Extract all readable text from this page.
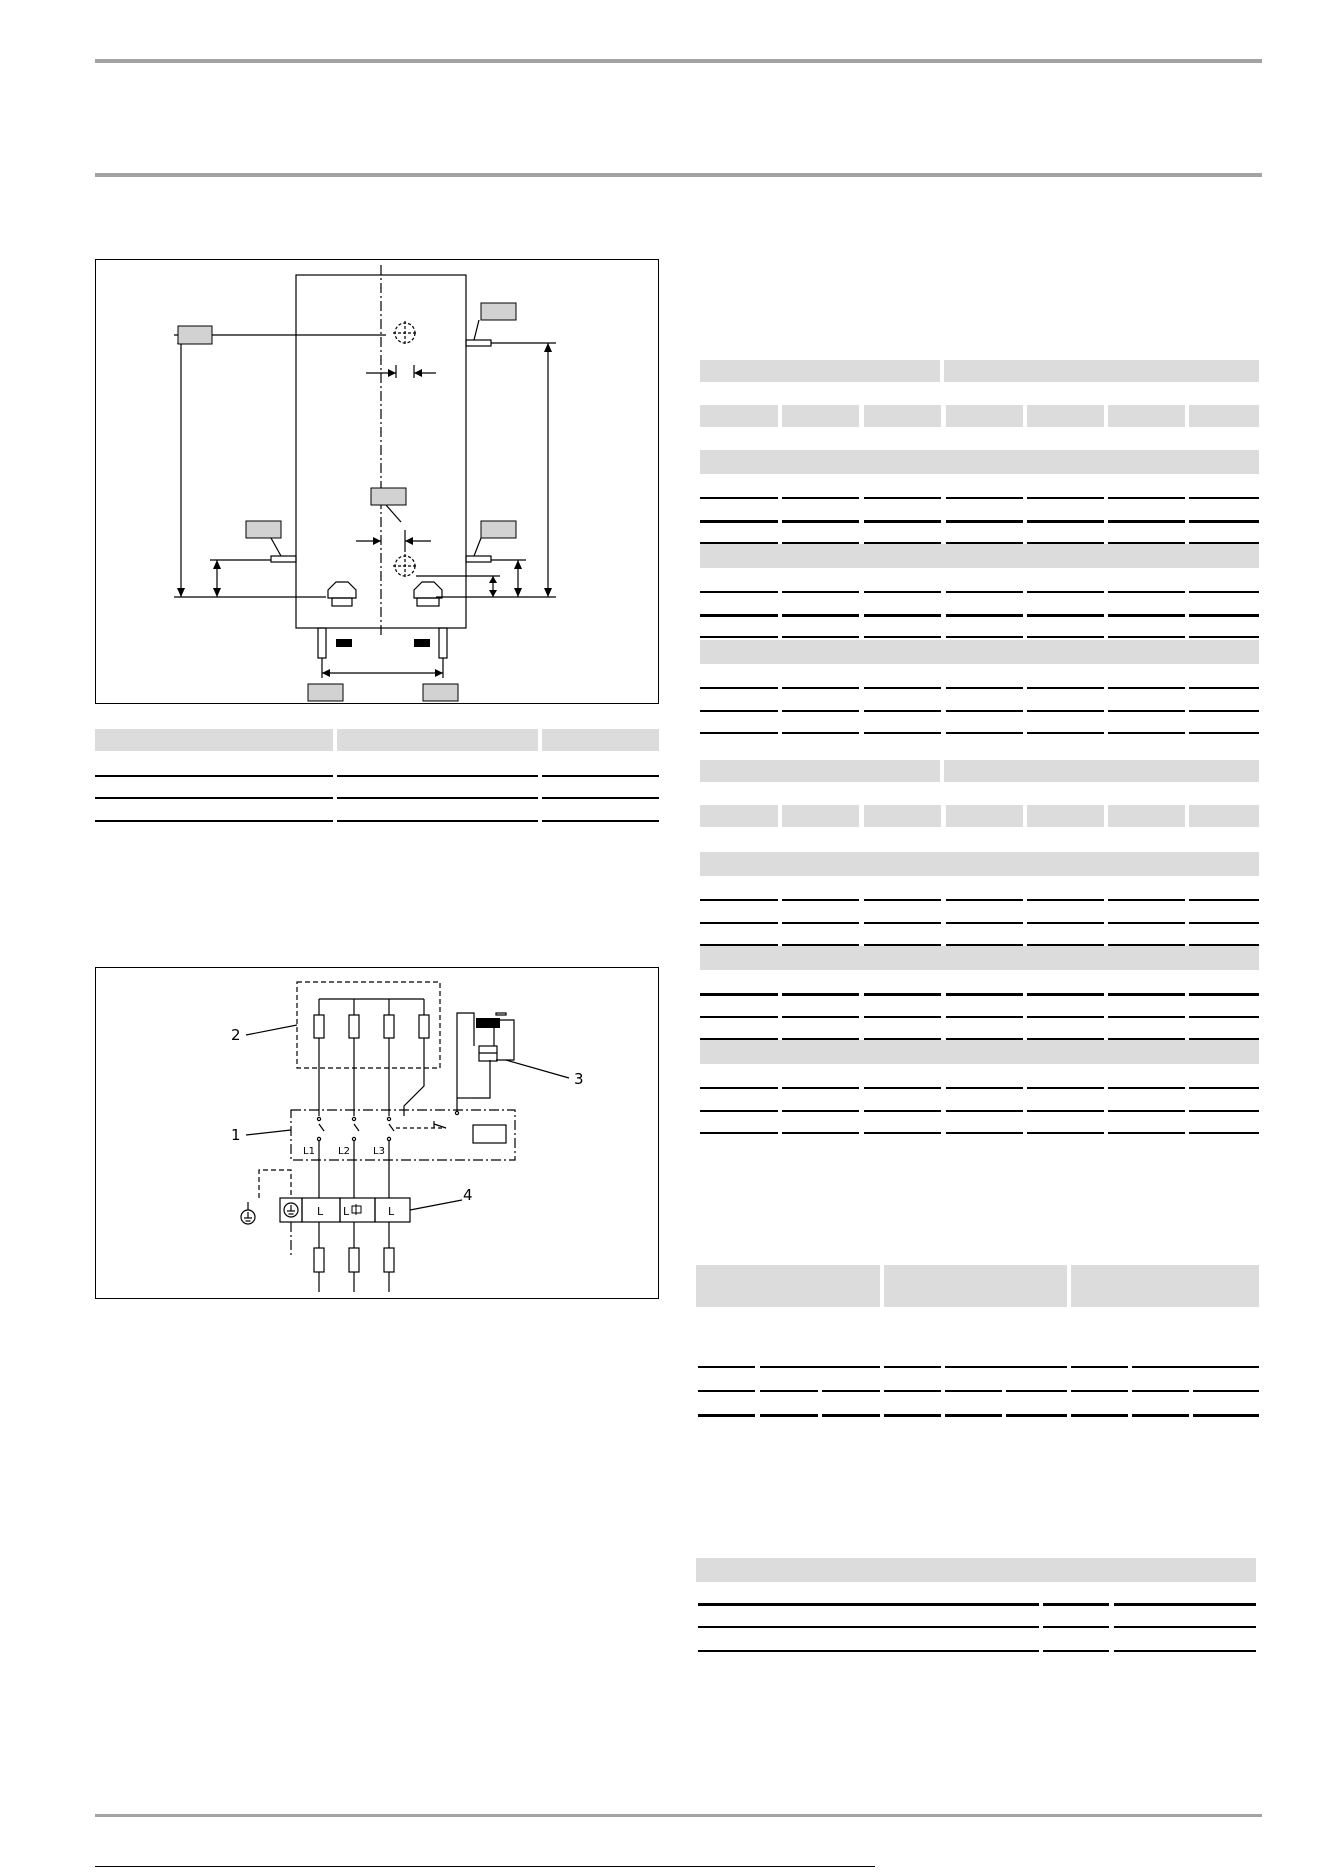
2
1
3
4
L1 L2 L3
L L	L
